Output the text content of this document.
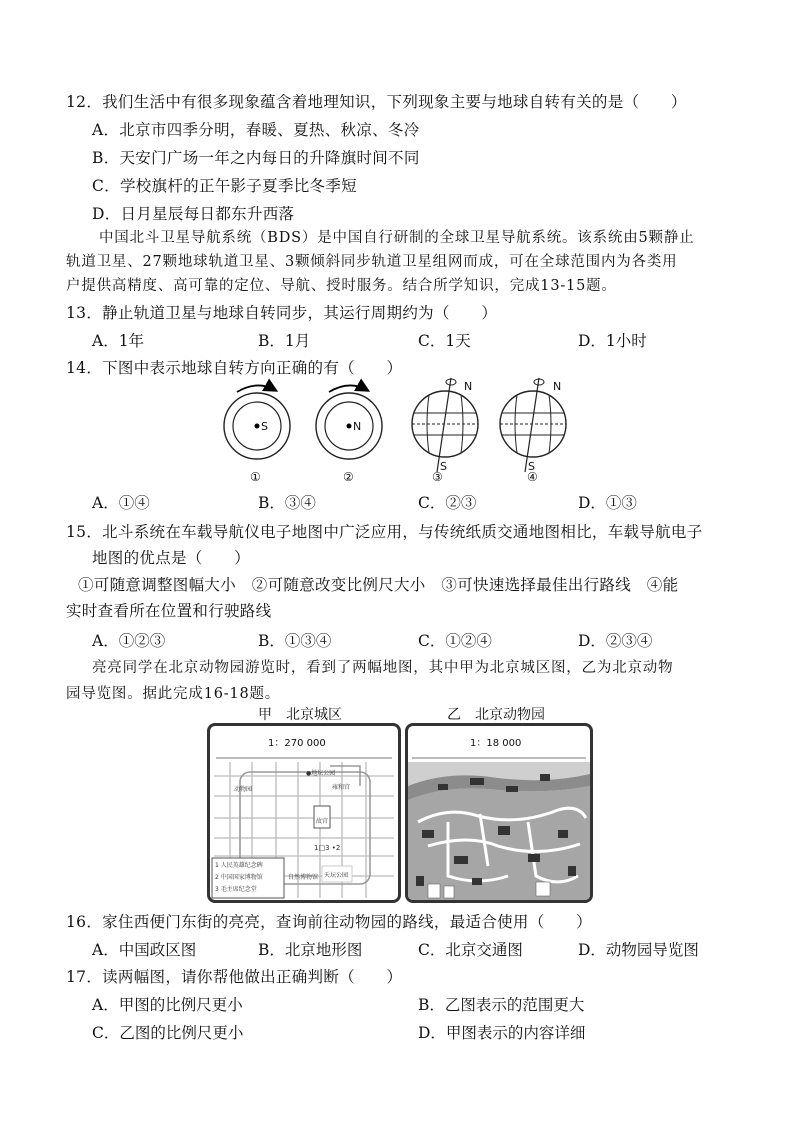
12．我们生活中有很多现象蕴含着地理知识，下列现象主要与地球自转有关的是（　　）
A．北京市四季分明，春暖、夏热、秋凉、冬冷
B．天安门广场一年之内每日的升降旗时间不同
C．学校旗杆的正午影子夏季比冬季短
D．日月星辰每日都东升西落
中国北斗卫星导航系统（BDS）是中国自行研制的全球卫星导航系统。该系统由5颗静止
轨道卫星、27颗地球轨道卫星、3颗倾斜同步轨道卫星组网而成，可在全球范围内为各类用
户提供高精度、高可靠的定位、导航、授时服务。结合所学知识，完成13-15题。
13．静止轨道卫星与地球自转同步，其运行周期约为（　　）
A．1年	B．1月	C．1天	D．1小时
14．下图中表示地球自转方向正确的有（　　）
S	N
N
S
N
S
①	②	③	④
A．①④	B．③④	C．②③	D．①③
15．北斗系统在车载导航仪电子地图中广泛应用，与传统纸质交通地图相比，车载导航电子
地图的优点是（　　）
①可随意调整图幅大小　②可随意改变比例尺大小　③可快速选择最佳出行路线　④能
实时查看所在位置和行驶路线
A．①②③	B．①③④	C．①②④	D．②③④
亮亮同学在北京动物园游览时，看到了两幅地图，其中甲为北京城区图，乙为北京动物
园导览图。据此完成16-18题。
甲　北京城区	乙　北京动物园
1：270 000
动物园
●地坛公园
雍和宫
故宫
1□3 •2
1 人民英雄纪念碑
2 中国国家博物馆
3 毛主席纪念堂
自然博物馆 天坛公园
1：18 000
16．家住西便门东街的亮亮，查询前往动物园的路线，最适合使用（　　）
A．中国政区图	B．北京地形图	C．北京交通图	D．动物园导览图
17．读两幅图，请你帮他做出正确判断（　　）
A．甲图的比例尺更小	B．乙图表示的范围更大
C．乙图的比例尺更小	D．甲图表示的内容详细
